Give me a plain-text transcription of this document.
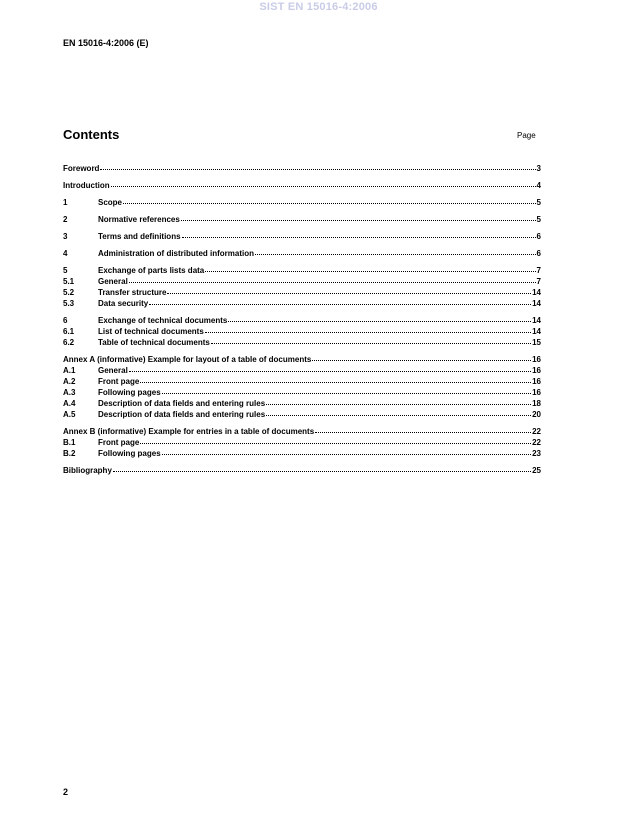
SIST EN 15016-4:2006
EN 15016-4:2006 (E)
Contents	Page
Foreword	3
Introduction	4
1	Scope	5
2	Normative references	5
3	Terms and definitions	6
4	Administration of distributed information	6
5	Exchange of parts lists data	7
5.1	General	7
5.2	Transfer structure	14
5.3	Data security	14
6	Exchange of technical documents	14
6.1	List of technical documents	14
6.2	Table of technical documents	15
Annex A (informative) Example for layout of a table of documents	16
A.1	General	16
A.2	Front page	16
A.3	Following pages	16
A.4	Description of data fields and entering rules	18
A.5	Description of data fields and entering rules	20
Annex B (informative) Example for entries in a table of documents	22
B.1	Front page	22
B.2	Following pages	23
Bibliography	25
2
